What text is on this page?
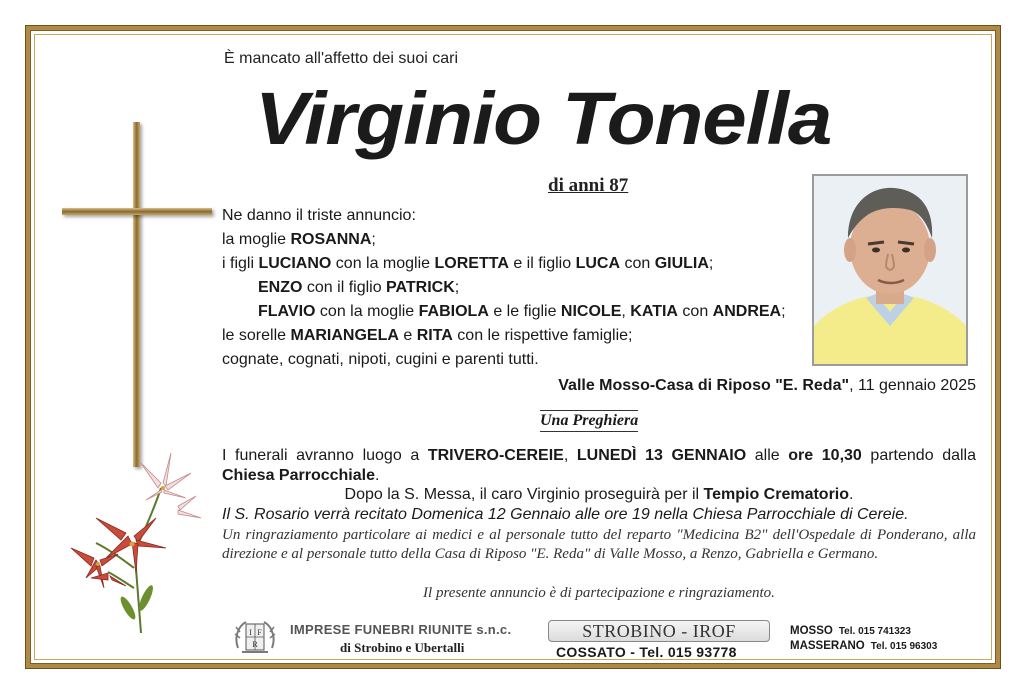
È mancato all'affetto dei suoi cari
Virginio Tonella
di anni 87
Ne danno il triste annuncio:
la moglie ROSANNA;
i figli LUCIANO con la moglie LORETTA e il figlio LUCA con GIULIA;
ENZO con il figlio PATRICK;
FLAVIO con la moglie FABIOLA e le figlie NICOLE, KATIA con ANDREA;
le sorelle MARIANGELA e RITA con le rispettive famiglie;
cognate, cognati, nipoti, cugini e parenti tutti.
Valle Mosso-Casa di Riposo "E. Reda", 11 gennaio 2025
Una Preghiera
I funerali avranno luogo a TRIVERO-CEREIE, LUNEDÌ 13 GENNAIO alle ore 10,30 partendo dalla Chiesa Parrocchiale.
Dopo la S. Messa, il caro Virginio proseguirà per il Tempio Crematorio.
Il S. Rosario verrà recitato Domenica 12 Gennaio alle ore 19 nella Chiesa Parrocchiale di Cereie.
Un ringraziamento particolare ai medici e al personale tutto del reparto "Medicina B2" dell'Ospedale di Ponderano, alla direzione e al personale tutto della Casa di Riposo "E. Reda" di Valle Mosso, a Renzo, Gabriella e Germano.
Il presente annuncio è di partecipazione e ringraziamento.
I F
R
IMPRESE FUNEBRI RIUNITE s.n.c.
di Strobino e Ubertalli
STROBINO - IROF
COSSATO - Tel. 015 93778
MOSSO Tel. 015 741323
MASSERANO Tel. 015 96303
